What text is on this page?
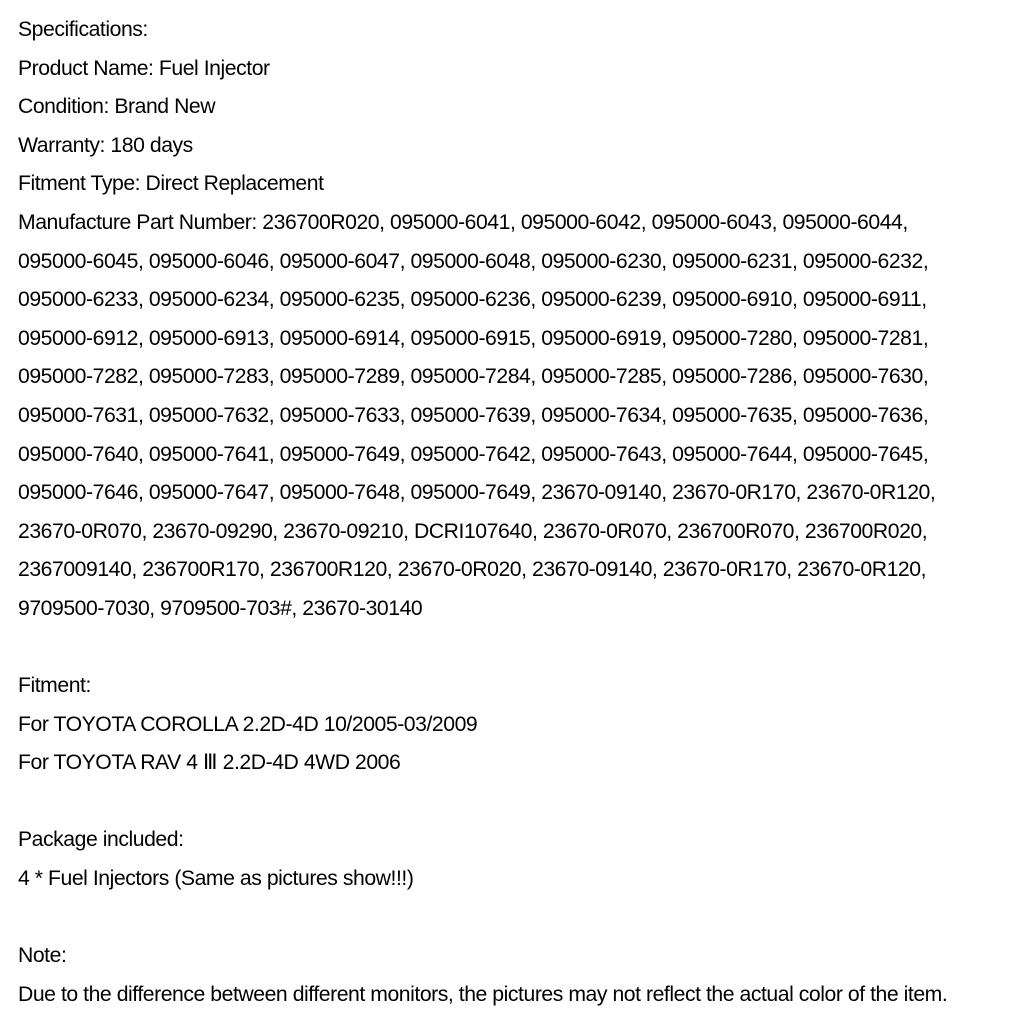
Specifications:
Product Name: Fuel Injector
Condition: Brand New
Warranty: 180 days
Fitment Type: Direct Replacement
Manufacture Part Number: 236700R020, 095000-6041, 095000-6042, 095000-6043, 095000-6044,
095000-6045, 095000-6046, 095000-6047, 095000-6048, 095000-6230, 095000-6231, 095000-6232,
095000-6233, 095000-6234, 095000-6235, 095000-6236, 095000-6239, 095000-6910, 095000-6911,
095000-6912, 095000-6913, 095000-6914, 095000-6915, 095000-6919, 095000-7280, 095000-7281,
095000-7282, 095000-7283, 095000-7289, 095000-7284, 095000-7285, 095000-7286, 095000-7630,
095000-7631, 095000-7632, 095000-7633, 095000-7639, 095000-7634, 095000-7635, 095000-7636,
095000-7640, 095000-7641, 095000-7649, 095000-7642, 095000-7643, 095000-7644, 095000-7645,
095000-7646, 095000-7647, 095000-7648, 095000-7649, 23670-09140, 23670-0R170, 23670-0R120,
23670-0R070, 23670-09290, 23670-09210, DCRI107640, 23670-0R070, 236700R070, 236700R020,
2367009140, 236700R170, 236700R120, 23670-0R020, 23670-09140, 23670-0R170, 23670-0R120,
9709500-7030, 9709500-703#, 23670-30140
Fitment:
For TOYOTA COROLLA 2.2D-4D 10/2005-03/2009
For TOYOTA RAV 4 Ⅲ 2.2D-4D 4WD 2006
Package included:
4 * Fuel Injectors (Same as pictures show!!!)
Note:
Due to the difference between different monitors, the pictures may not reflect the actual color of the item.
